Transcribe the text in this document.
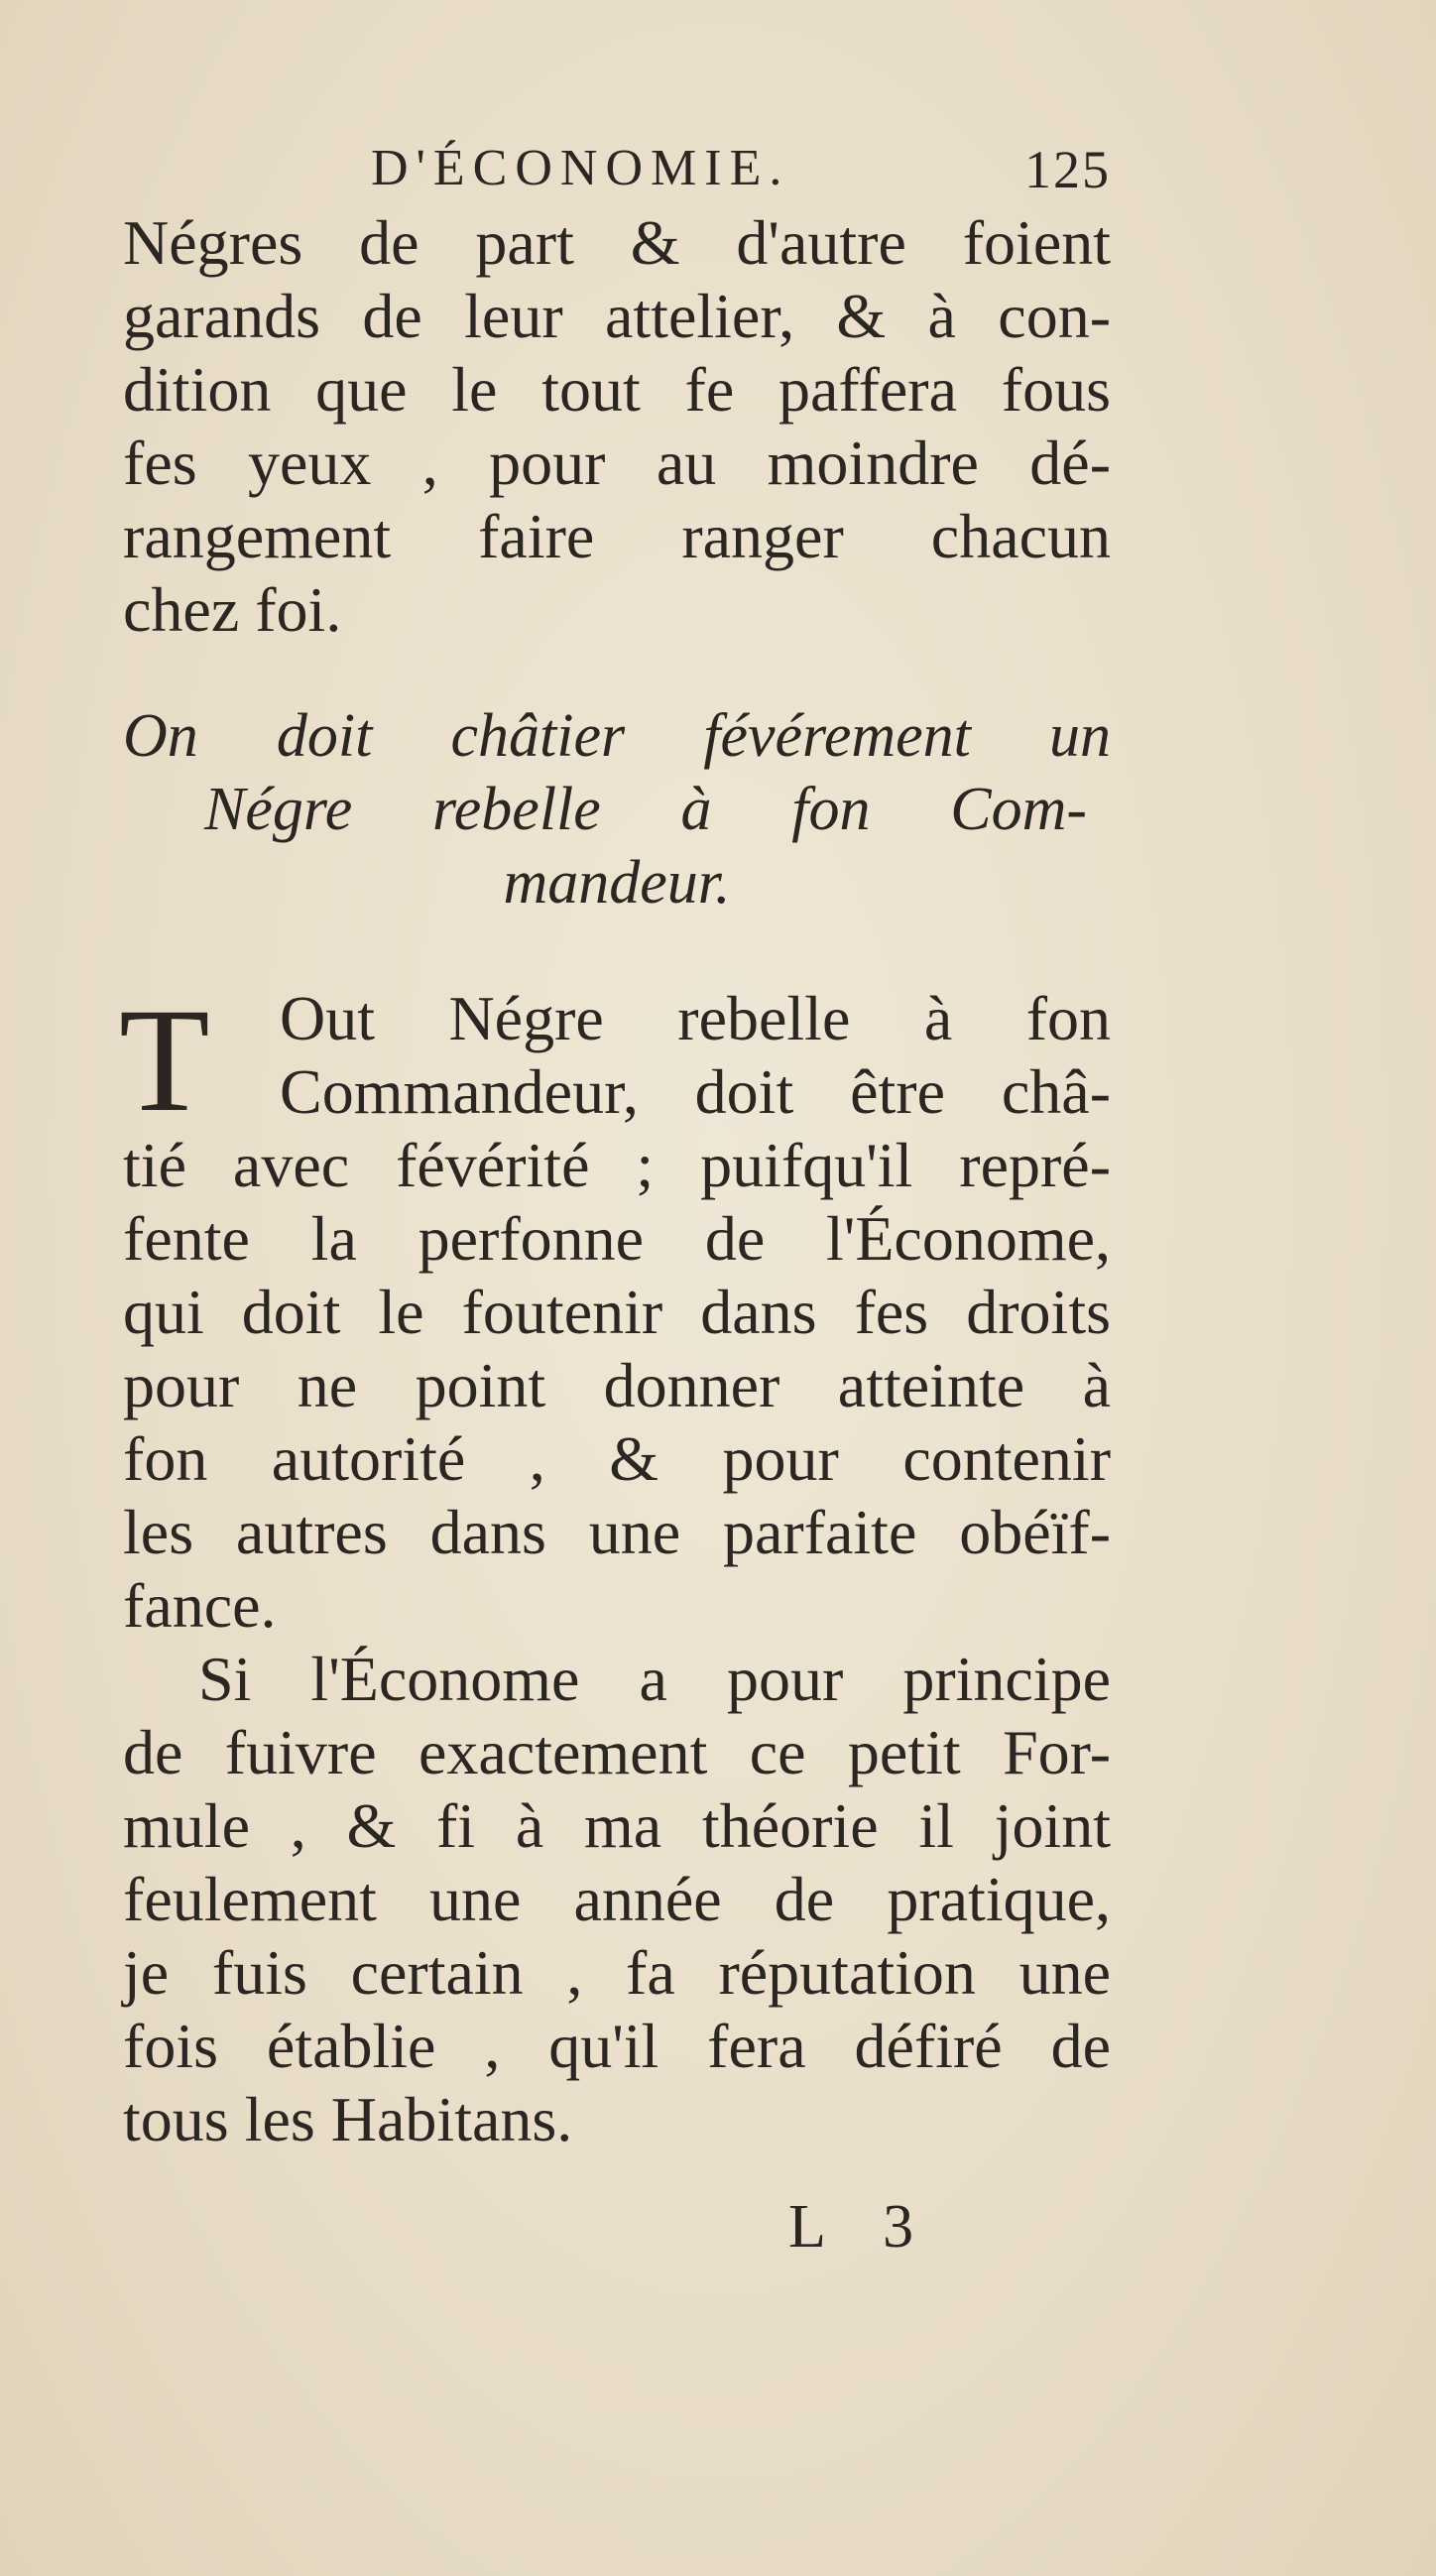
D'ÉCONOMIE.	125
Négres de part & d'autre foient
garands de leur attelier, & à con-
dition que le tout fe paffera fous
fes yeux , pour au moindre dé-
rangement faire ranger chacun
chez foi.
On doit châtier févérement un
Négre rebelle à fon Com-
mandeur.
T	Out Négre rebelle à fon
Commandeur, doit être châ-
tié avec févérité ; puifqu'il repré-
fente la perfonne de l'Économe,
qui doit le foutenir dans fes droits
pour ne point donner atteinte à
fon autorité , & pour contenir
les autres dans une parfaite obéïf-
fance.
Si l'Économe a pour principe
de fuivre exactement ce petit For-
mule , & fi à ma théorie il joint
feulement une année de pratique,
je fuis certain , fa réputation une
fois établie , qu'il fera défiré de
tous les Habitans.
L 3
